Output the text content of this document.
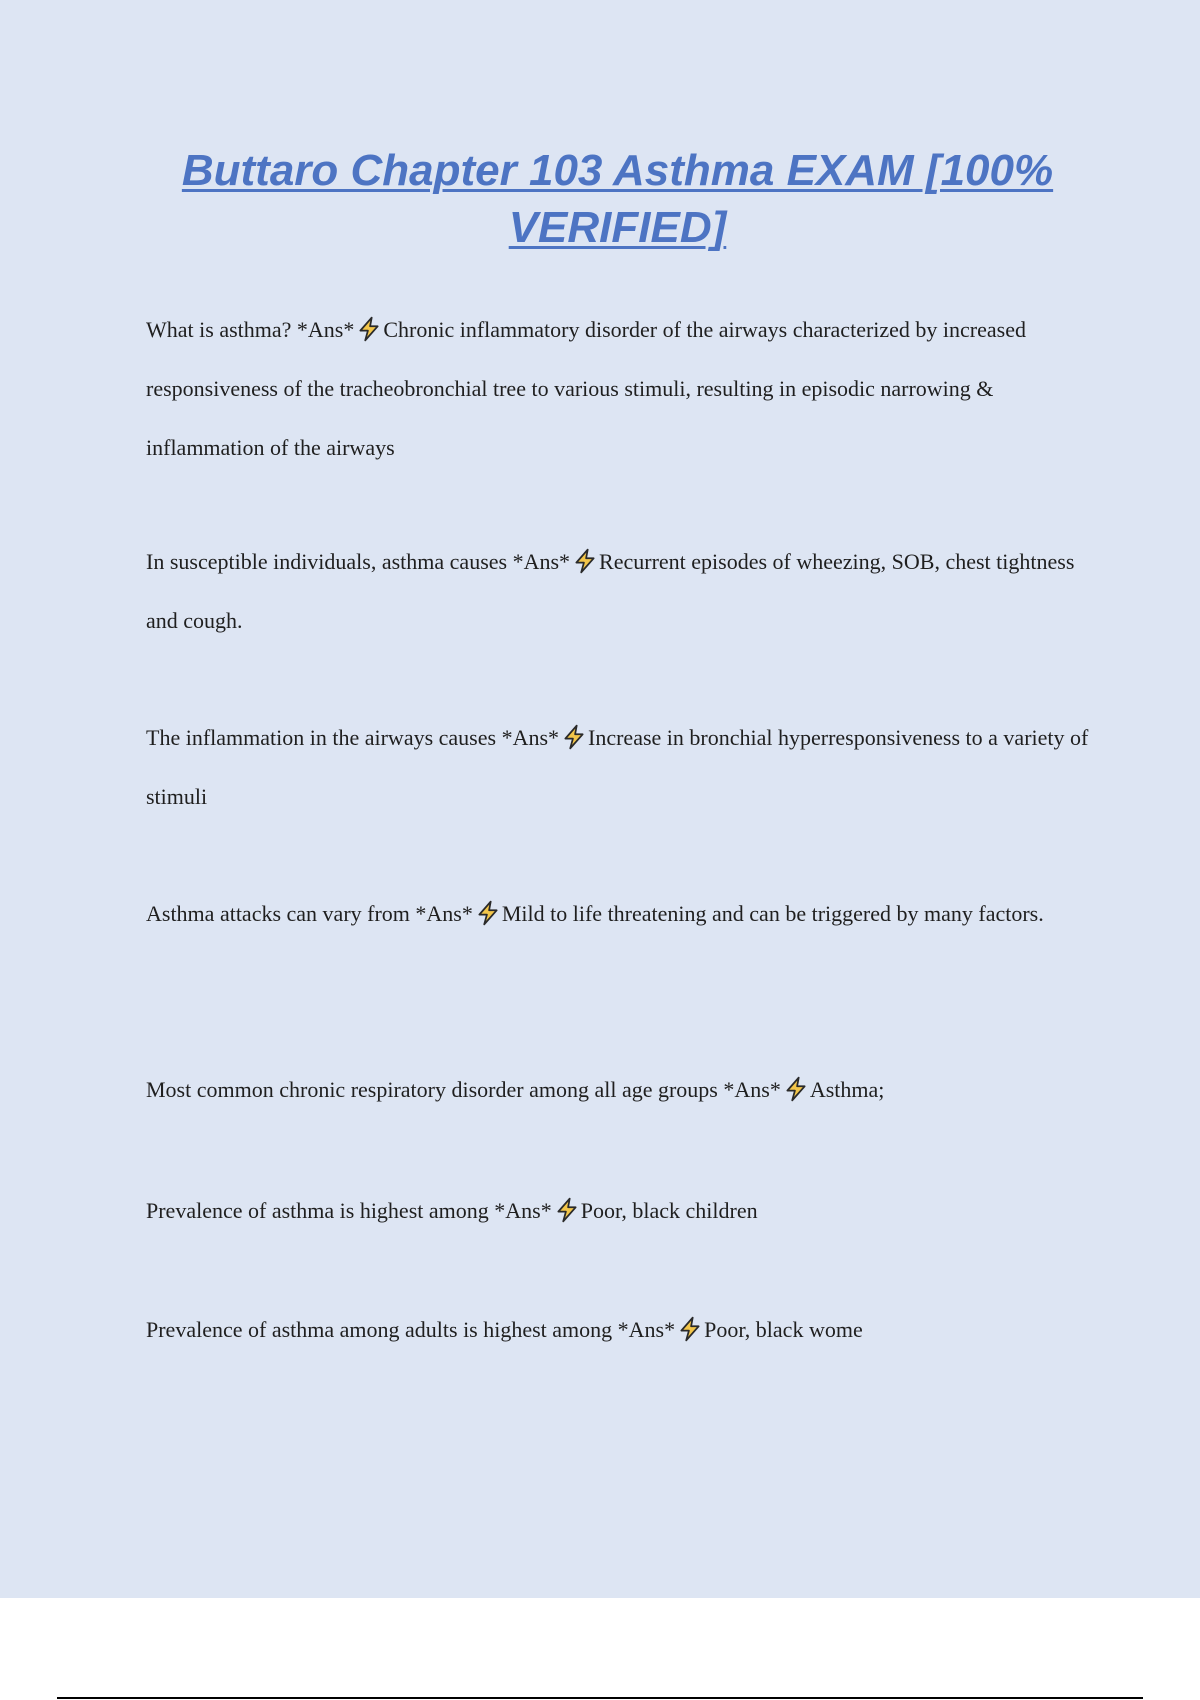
Buttaro Chapter 103 Asthma EXAM [100% VERIFIED]

What is asthma? *Ans* Chronic inflammatory disorder of the airways characterized by increased responsiveness of the tracheobronchial tree to various stimuli, resulting in episodic narrowing & inflammation of the airways

In susceptible individuals, asthma causes *Ans* Recurrent episodes of wheezing, SOB, chest tightness and cough.

The inflammation in the airways causes *Ans* Increase in bronchial hyperresponsiveness to a variety of stimuli

Asthma attacks can vary from *Ans* Mild to life threatening and can be triggered by many factors.

Most common chronic respiratory disorder among all age groups *Ans* Asthma;

Prevalence of asthma is highest among *Ans* Poor, black children

Prevalence of asthma among adults is highest among *Ans* Poor, black wome
